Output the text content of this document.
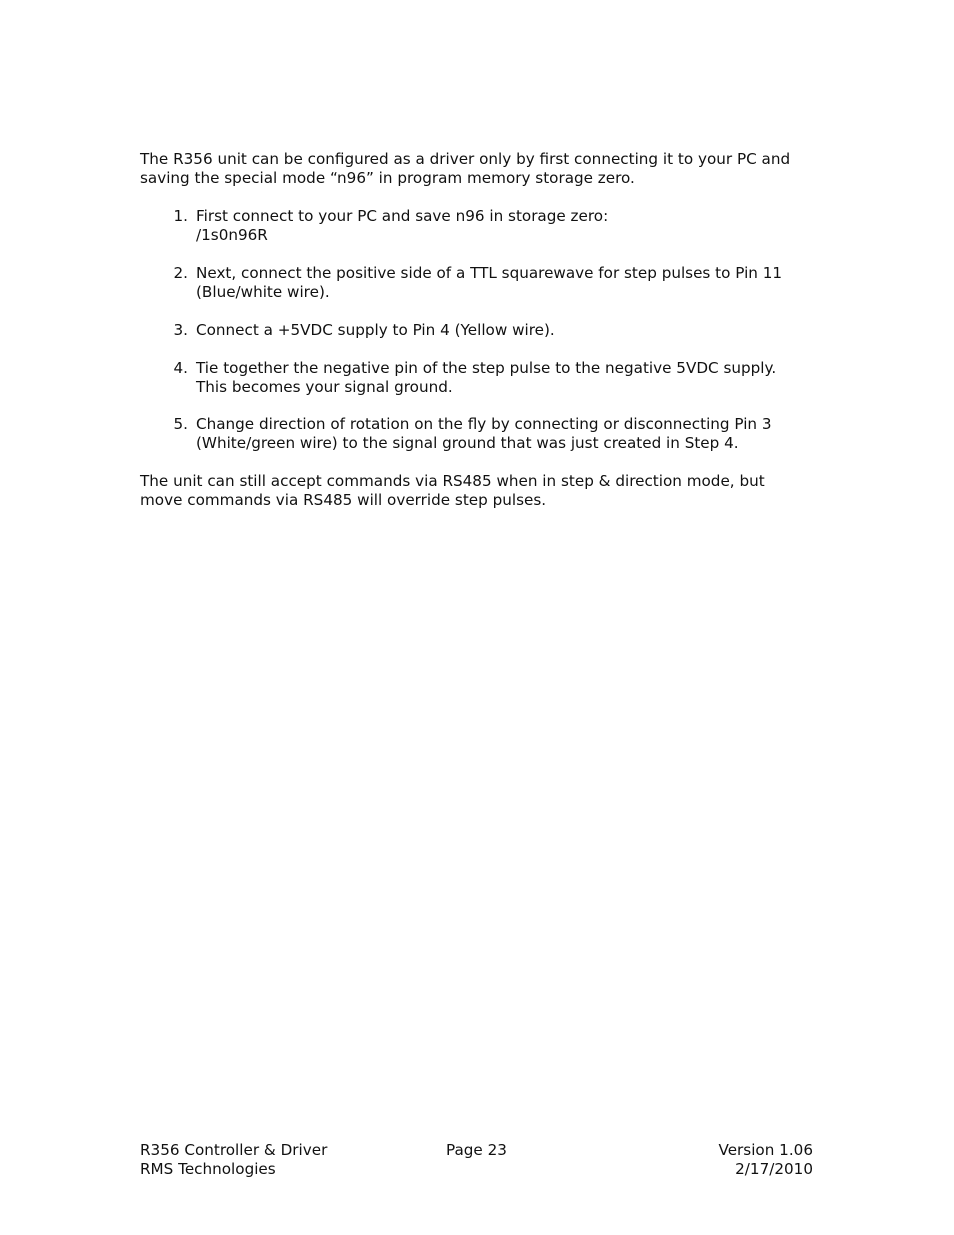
The R356 unit can be configured as a driver only by first connecting it to your PC and
saving the special mode “n96” in program memory storage zero.

1. First connect to your PC and save n96 in storage zero:
/1s0n96R
2. Next, connect the positive side of a TTL squarewave for step pulses to Pin 11
(Blue/white wire).
3. Connect a +5VDC supply to Pin 4 (Yellow wire).
4. Tie together the negative pin of the step pulse to the negative 5VDC supply.
This becomes your signal ground.
5. Change direction of rotation on the fly by connecting or disconnecting Pin 3
(White/green wire) to the signal ground that was just created in Step 4.

The unit can still accept commands via RS485 when in step & direction mode, but
move commands via RS485 will override step pulses.

R356 Controller & Driver
RMS Technologies
Page 23	Version 1.06
2/17/2010
